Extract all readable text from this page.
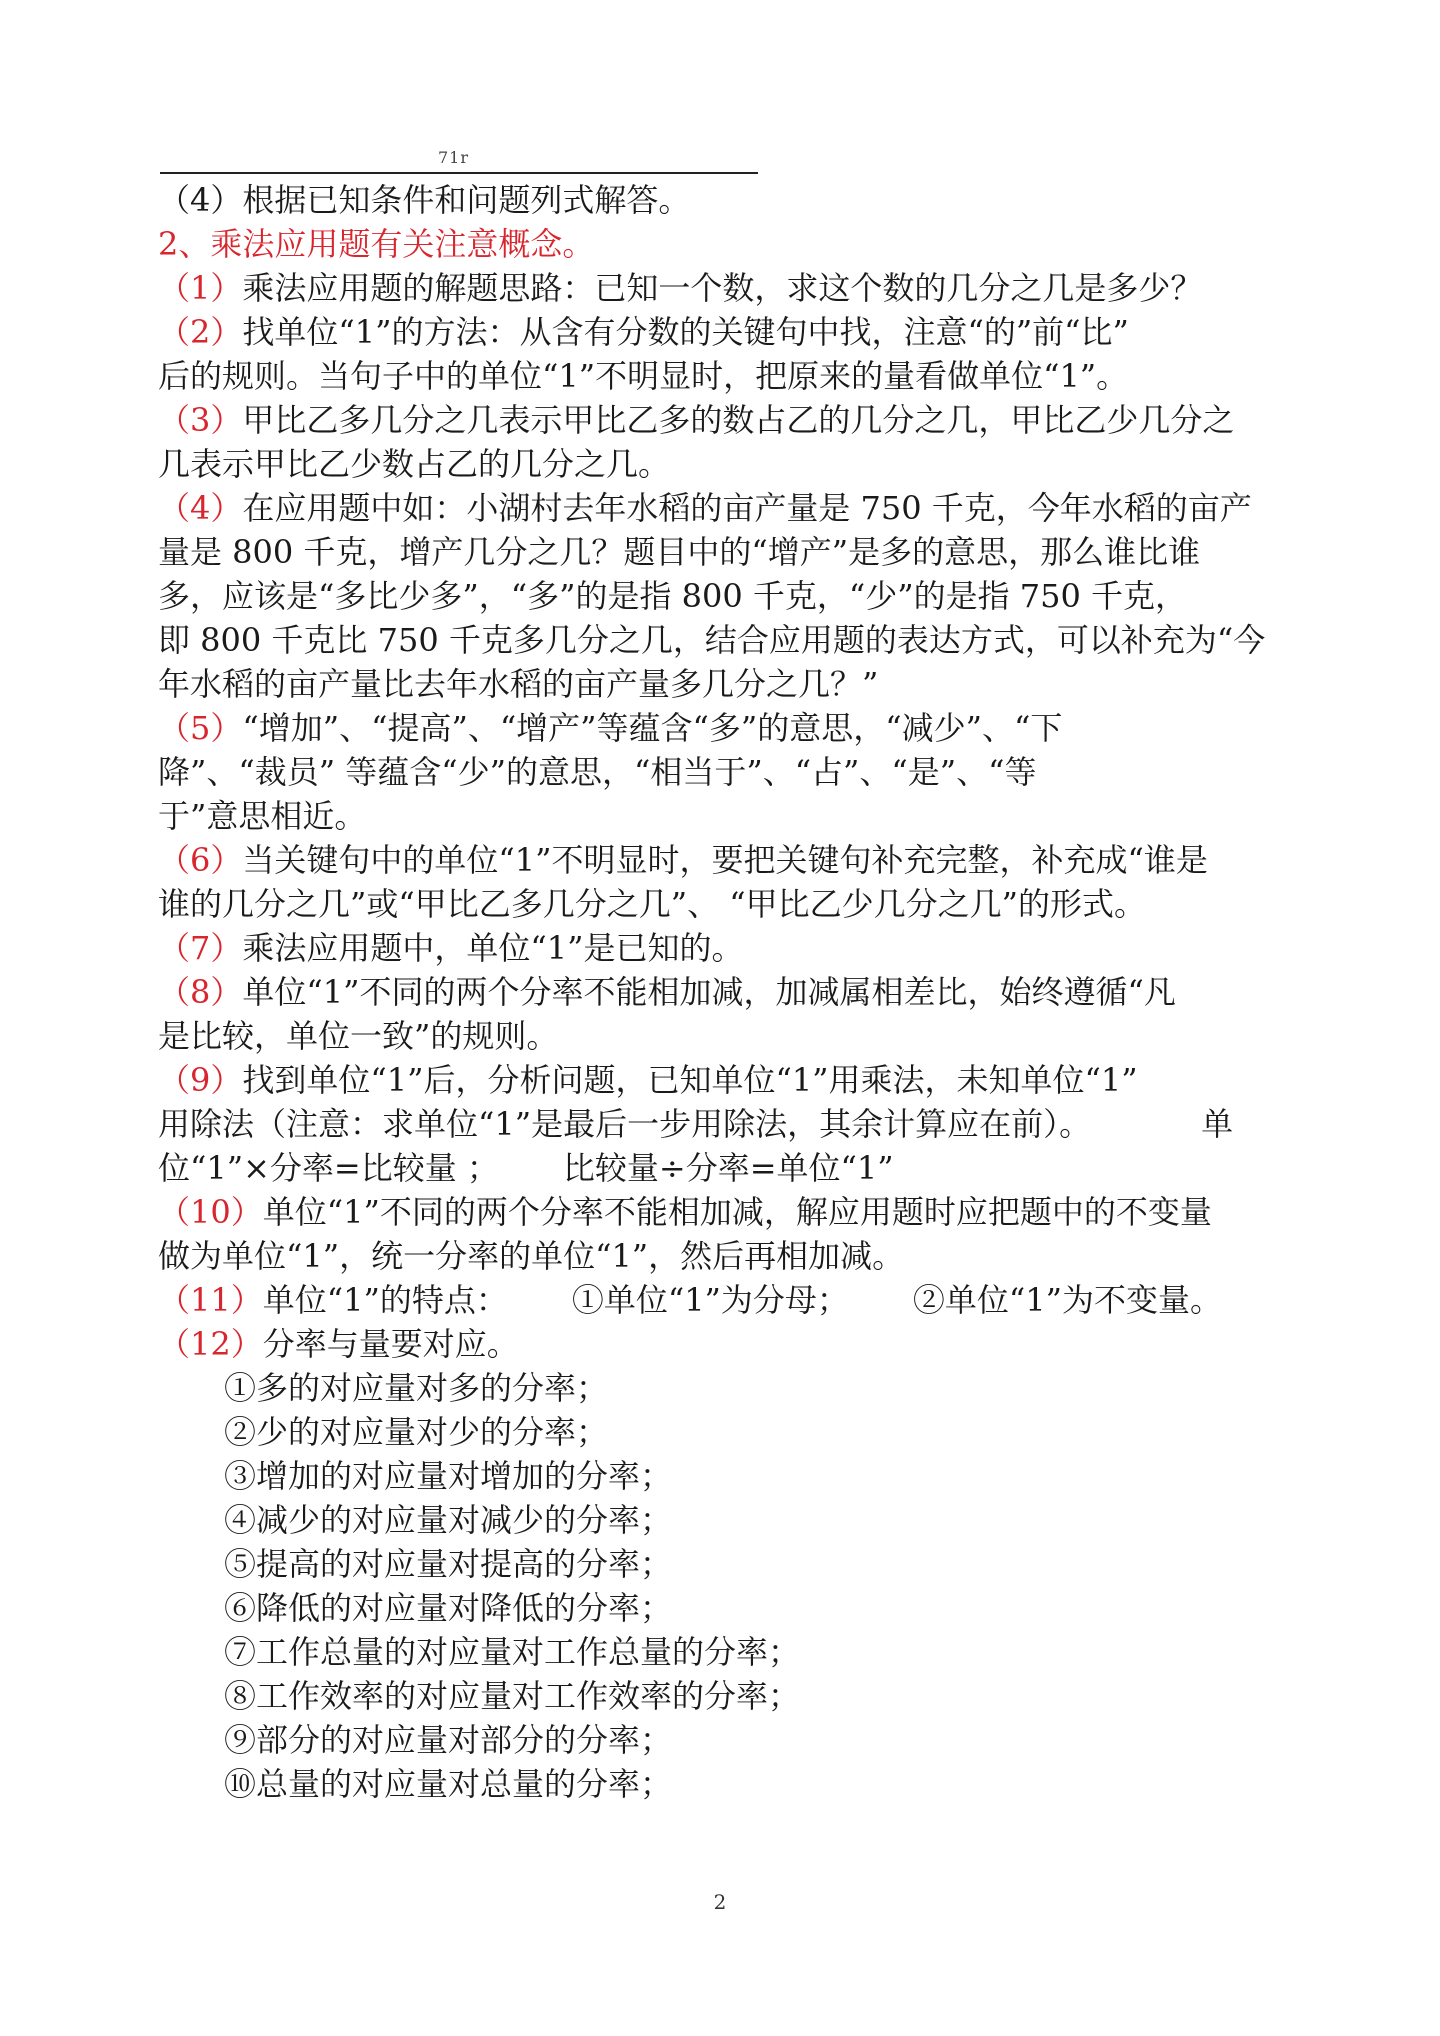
71r
（4）根据已知条件和问题列式解答。
2、乘法应用题有关注意概念。
（1）乘法应用题的解题思路：已知一个数，求这个数的几分之几是多少？
（2）找单位“1”的方法：从含有分数的关键句中找，注意“的”前“比”
后的规则。当句子中的单位“1”不明显时，把原来的量看做单位“1”。
（3）甲比乙多几分之几表示甲比乙多的数占乙的几分之几，甲比乙少几分之
几表示甲比乙少数占乙的几分之几。
（4）在应用题中如：小湖村去年水稻的亩产量是 750 千克，今年水稻的亩产
量是 800 千克，增产几分之几？题目中的“增产”是多的意思，那么谁比谁
多，应该是“多比少多”，“多”的是指 800 千克，“少”的是指 750 千克，
即 800 千克比 750 千克多几分之几，结合应用题的表达方式，可以补充为“今
年水稻的亩产量比去年水稻的亩产量多几分之几？”
（5）“增加”、“提高”、“增产”等蕴含“多”的意思，“减少”、“下
降”、“裁员” 等蕴含“少”的意思，“相当于”、“占”、“是”、“等
于”意思相近。
（6）当关键句中的单位“1”不明显时，要把关键句补充完整，补充成“谁是
谁的几分之几”或“甲比乙多几分之几”、 “甲比乙少几分之几”的形式。
（7）乘法应用题中，单位“1”是已知的。
（8）单位“1”不同的两个分率不能相加减，加减属相差比，始终遵循“凡
是比较，单位一致”的规则。
（9）找到单位“1”后，分析问题，已知单位“1”用乘法，未知单位“1”
用除法（注意：求单位“1”是最后一步用除法，其余计算应在前）。	单
位“1”×分率=比较量 ； 比较量÷分率=单位“1”
（10）单位“1”不同的两个分率不能相加减，解应用题时应把题中的不变量
做为单位“1”，统一分率的单位“1”，然后再相加减。
（11）单位“1”的特点： ①单位“1”为分母； ②单位“1”为不变量。
（12）分率与量要对应。
①多的对应量对多的分率；
②少的对应量对少的分率；
③增加的对应量对增加的分率；
④减少的对应量对减少的分率；
⑤提高的对应量对提高的分率；
⑥降低的对应量对降低的分率；
⑦工作总量的对应量对工作总量的分率；
⑧工作效率的对应量对工作效率的分率；
⑨部分的对应量对部分的分率；
⑩总量的对应量对总量的分率；
2
